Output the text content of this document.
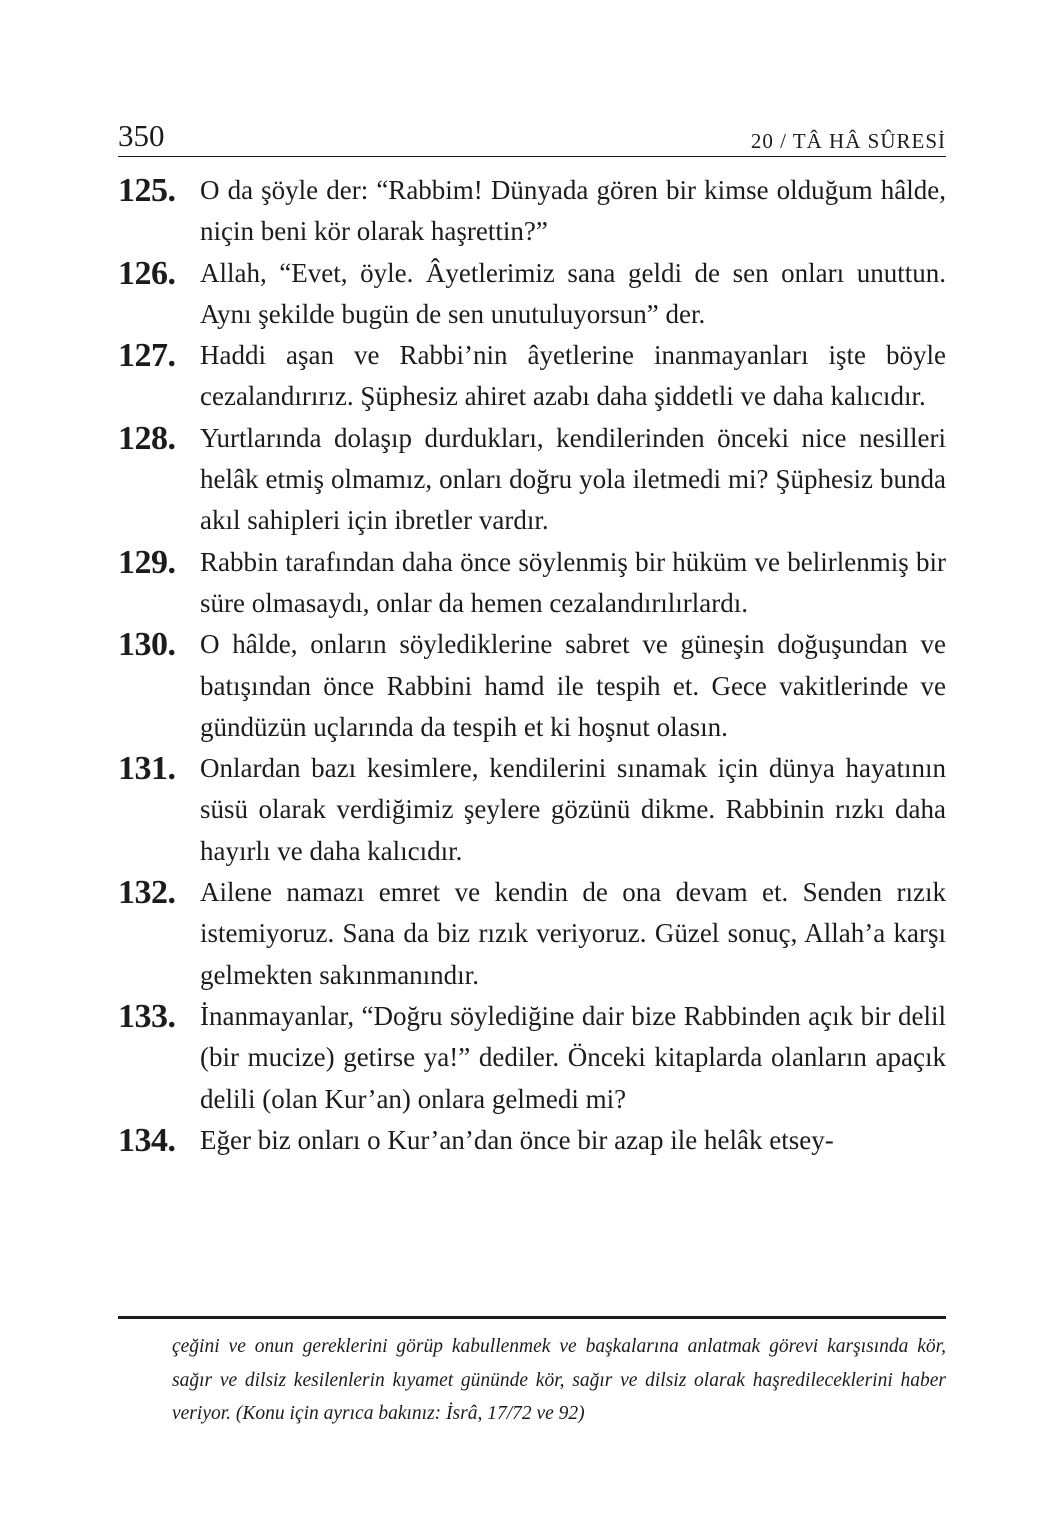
350	20 / TÂ HÂ SÛRESİ
125. O da şöyle der: “Rabbim! Dünyada gören bir kimse olduğum hâlde, niçin beni kör olarak haşrettin?”
126. Allah, “Evet, öyle. Âyetlerimiz sana geldi de sen onları unuttun. Aynı şekilde bugün de sen unutuluyorsun” der.
127. Haddi aşan ve Rabbi’nin âyetlerine inanmayanları işte böyle cezalandırırız. Şüphesiz ahiret azabı daha şiddetli ve daha kalıcıdır.
128. Yurtlarında dolaşıp durdukları, kendilerinden önceki nice nesilleri helâk etmiş olmamız, onları doğru yola iletmedi mi? Şüphesiz bunda akıl sahipleri için ibretler vardır.
129. Rabbin tarafından daha önce söylenmiş bir hüküm ve belirlenmiş bir süre olmasaydı, onlar da hemen cezalandırılırlardı.
130. O hâlde, onların söylediklerine sabret ve güneşin doğuşundan ve batışından önce Rabbini hamd ile tespih et. Gece vakitlerinde ve gündüzün uçlarında da tespih et ki hoşnut olasın.
131. Onlardan bazı kesimlere, kendilerini sınamak için dünya hayatının süsü olarak verdiğimiz şeylere gözünü dikme. Rabbinin rızkı daha hayırlı ve daha kalıcıdır.
132. Ailene namazı emret ve kendin de ona devam et. Senden rızık istemiyoruz. Sana da biz rızık veriyoruz. Güzel sonuç, Allah’a karşı gelmekten sakınmanındır.
133. İnanmayanlar, “Doğru söylediğine dair bize Rabbinden açık bir delil (bir mucize) getirse ya!” dediler. Önceki kitaplarda olanların apaçık delili (olan Kur’an) onlara gelmedi mi?
134. Eğer biz onları o Kur’an’dan önce bir azap ile helâk etsey-
çeğini ve onun gereklerini görüp kabullenmek ve başkalarına anlatmak görevi karşısında kör, sağır ve dilsiz kesilenlerin kıyamet gününde kör, sağır ve dilsiz olarak haşredileceklerini haber veriyor. (Konu için ayrıca bakınız: İsrâ, 17/72 ve 92)
